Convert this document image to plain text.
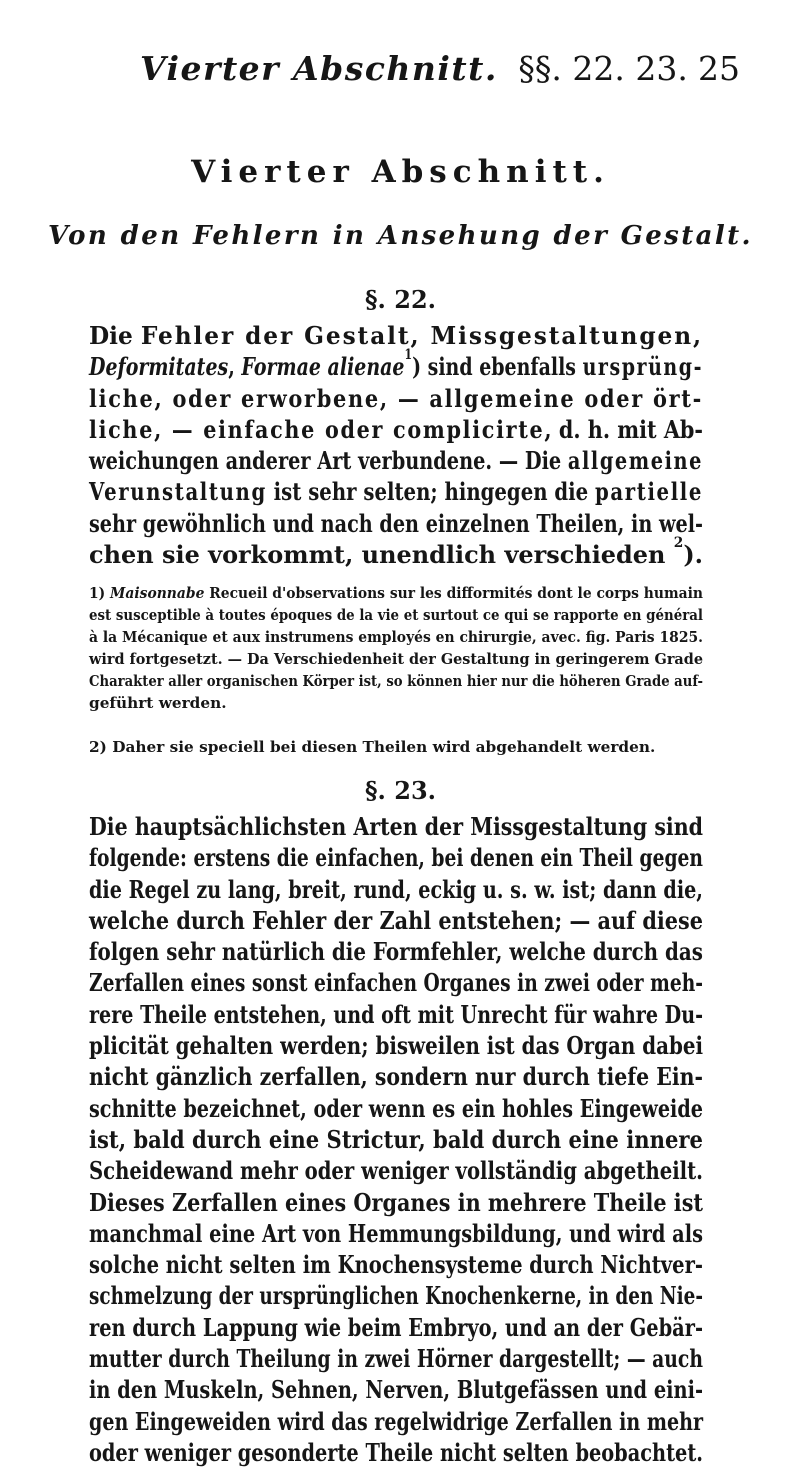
Vierter Abschnitt. §§. 22. 23. 25
Vierter Abschnitt.
Von den Fehlern in Ansehung der Gestalt.
§. 22.
Die Fehler der Gestalt, Missgestaltungen,
Deformitates, Formae alienae$^1$) sind ebenfalls ursprüng-
liche, oder erworbene, — allgemeine oder ört-
liche, — einfache oder complicirte, d. h. mit Ab-
weichungen anderer Art verbundene. — Die allgemeine
Verunstaltung ist sehr selten; hingegen die partielle
sehr gewöhnlich und nach den einzelnen Theilen, in wel-
chen sie vorkommt, unendlich verschieden $^2$).
1) Maisonnabe Recueil d'observations sur les difformités dont le corps humain
est susceptible à toutes époques de la vie et surtout ce qui se rapporte en général
à la Mécanique et aux instrumens employés en chirurgie, avec. fig. Paris 1825.
wird fortgesetzt. — Da Verschiedenheit der Gestaltung in geringerem Grade
Charakter aller organischen Körper ist, so können hier nur die höheren Grade auf-
geführt werden.
2) Daher sie speciell bei diesen Theilen wird abgehandelt werden.
§. 23.
Die hauptsächlichsten Arten der Missgestaltung sind
folgende: erstens die einfachen, bei denen ein Theil gegen
die Regel zu lang, breit, rund, eckig u. s. w. ist; dann die,
welche durch Fehler der Zahl entstehen; — auf diese
folgen sehr natürlich die Formfehler, welche durch das
Zerfallen eines sonst einfachen Organes in zwei oder meh-
rere Theile entstehen, und oft mit Unrecht für wahre Du-
plicität gehalten werden; bisweilen ist das Organ dabei
nicht gänzlich zerfallen, sondern nur durch tiefe Ein-
schnitte bezeichnet, oder wenn es ein hohles Eingeweide
ist, bald durch eine Strictur, bald durch eine innere
Scheidewand mehr oder weniger vollständig abgetheilt.
Dieses Zerfallen eines Organes in mehrere Theile ist
manchmal eine Art von Hemmungsbildung, und wird als
solche nicht selten im Knochensysteme durch Nichtver-
schmelzung der ursprünglichen Knochenkerne, in den Nie-
ren durch Lappung wie beim Embryo, und an der Gebär-
mutter durch Theilung in zwei Hörner dargestellt; — auch
in den Muskeln, Sehnen, Nerven, Blutgefässen und eini-
gen Eingeweiden wird das regelwidrige Zerfallen in mehr
oder weniger gesonderte Theile nicht selten beobachtet.
